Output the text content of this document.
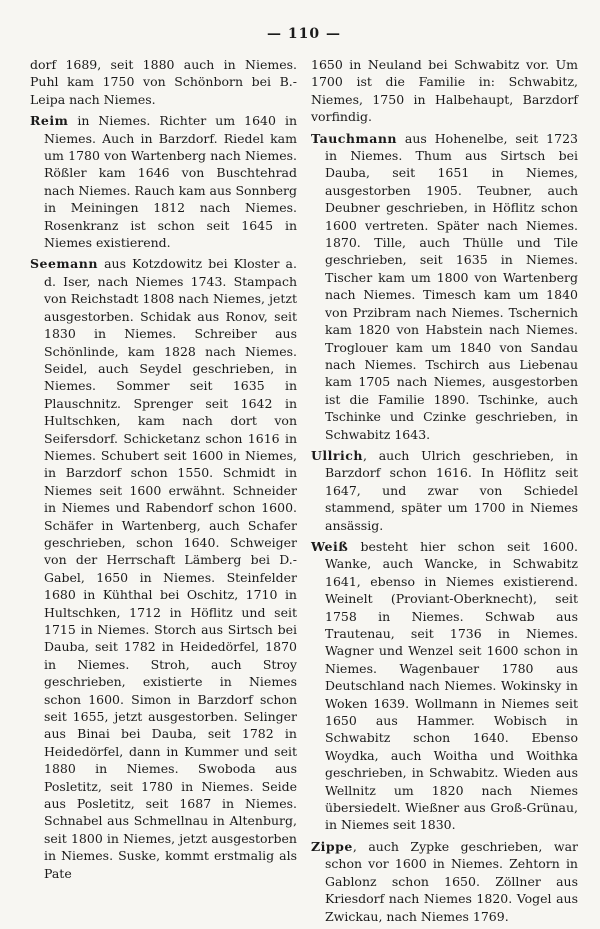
— 110 —

dorf 1689, seit 1880 auch in Niemes. Puhl kam 1750 von Schönborn bei B.-Leipa nach Niemes.

Reim in Niemes. Richter um 1640 in Niemes. Auch in Barzdorf. Riedel kam um 1780 von Wartenberg nach Niemes. Rößler kam 1646 von Buschtehrad nach Niemes. Rauch kam aus Sonnberg in Meiningen 1812 nach Niemes. Rosenkranz ist schon seit 1645 in Niemes existierend.

Seemann aus Kotzdowitz bei Kloster a. d. Iser, nach Niemes 1743. Stampach von Reichstadt 1808 nach Niemes, jetzt ausgestorben. Schidak aus Ronov, seit 1830 in Niemes. Schreiber aus Schönlinde, kam 1828 nach Niemes. Seidel, auch Seydel geschrieben, in Niemes. Sommer seit 1635 in Plauschnitz. Sprenger seit 1642 in Hultschken, kam nach dort von Seifersdorf. Schicketanz schon 1616 in Niemes. Schubert seit 1600 in Niemes, in Barzdorf schon 1550. Schmidt in Niemes seit 1600 erwähnt. Schneider in Niemes und Rabendorf schon 1600. Schäfer in Wartenberg, auch Schafer geschrieben, schon 1640. Schweiger von der Herrschaft Lämberg bei D.-Gabel, 1650 in Niemes. Steinfelder 1680 in Kühthal bei Oschitz, 1710 in Hultschken, 1712 in Höflitz und seit 1715 in Niemes. Storch aus Sirtsch bei Dauba, seit 1782 in Heidedörfel, 1870 in Niemes. Stroh, auch Stroy geschrieben, existierte in Niemes schon 1600. Simon in Barzdorf schon seit 1655, jetzt ausgestorben. Selinger aus Binai bei Dauba, seit 1782 in Heidedörfel, dann in Kummer und seit 1880 in Niemes. Swoboda aus Posletitz, seit 1780 in Niemes. Seide aus Posletitz, seit 1687 in Niemes. Schnabel aus Schmellnau in Altenburg, seit 1800 in Niemes, jetzt ausgestorben in Niemes. Suske, kommt erstmalig als Pate

1650 in Neuland bei Schwabitz vor. Um 1700 ist die Familie in: Schwabitz, Niemes, 1750 in Halbehaupt, Barzdorf vorfindig.

Tauchmann aus Hohenelbe, seit 1723 in Niemes. Thum aus Sirtsch bei Dauba, seit 1651 in Niemes, ausgestorben 1905. Teubner, auch Deubner geschrieben, in Höflitz schon 1600 vertreten. Später nach Niemes. 1870. Tille, auch Thülle und Tile geschrieben, seit 1635 in Niemes. Tischer kam um 1800 von Wartenberg nach Niemes. Timesch kam um 1840 von Przibram nach Niemes. Tschernich kam 1820 von Habstein nach Niemes. Troglouer kam um 1840 von Sandau nach Niemes. Tschirch aus Liebenau kam 1705 nach Niemes, ausgestorben ist die Familie 1890. Tschinke, auch Tschinke und Czinke geschrieben, in Schwabitz 1643.

Ullrich, auch Ulrich geschrieben, in Barzdorf schon 1616. In Höflitz seit 1647, und zwar von Schiedel stammend, später um 1700 in Niemes ansässig.

Weiß besteht hier schon seit 1600. Wanke, auch Wancke, in Schwabitz 1641, ebenso in Niemes existierend. Weinelt (Proviant-Oberknecht), seit 1758 in Niemes. Schwab aus Trautenau, seit 1736 in Niemes. Wagner und Wenzel seit 1600 schon in Niemes. Wagenbauer 1780 aus Deutschland nach Niemes. Wokinsky in Woken 1639. Wollmann in Niemes seit 1650 aus Hammer. Wobisch in Schwabitz schon 1640. Ebenso Woydka, auch Woitha und Woithka geschrieben, in Schwabitz. Wieden aus Wellnitz um 1820 nach Niemes übersiedelt. Wießner aus Groß-Grünau, in Niemes seit 1830.

Zippe, auch Zypke geschrieben, war schon vor 1600 in Niemes. Zehtorn in Gablonz schon 1650. Zöllner aus Kriesdorf nach Niemes 1820. Vogel aus Zwickau, nach Niemes 1769.
